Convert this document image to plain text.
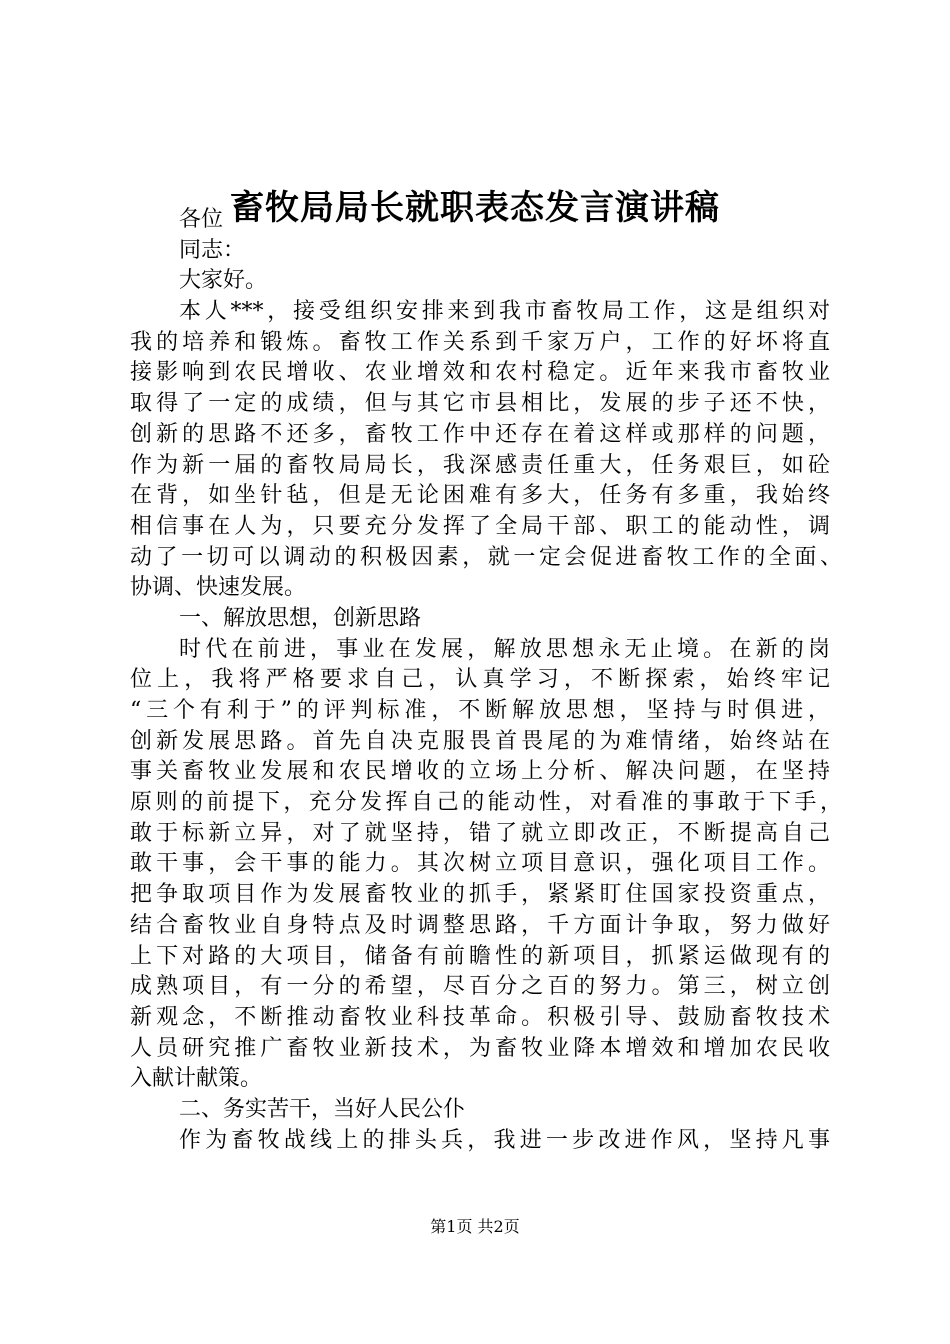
畜牧局局长就职表态发言演讲稿
各位
同志：
大家好。
本人***，接受组织安排来到我市畜牧局工作，这是组织对
我的培养和锻炼。畜牧工作关系到千家万户，工作的好坏将直
接影响到农民增收、农业增效和农村稳定。近年来我市畜牧业
取得了一定的成绩，但与其它市县相比，发展的步子还不快，
创新的思路不还多，畜牧工作中还存在着这样或那样的问题，
作为新一届的畜牧局局长，我深感责任重大，任务艰巨，如砼
在背，如坐针毡，但是无论困难有多大，任务有多重，我始终
相信事在人为，只要充分发挥了全局干部、职工的能动性，调
动了一切可以调动的积极因素，就一定会促进畜牧工作的全面、
协调、快速发展。
一、解放思想，创新思路
时代在前进，事业在发展，解放思想永无止境。在新的岗
位上，我将严格要求自己，认真学习，不断探索，始终牢记
“三个有利于”的评判标准，不断解放思想，坚持与时俱进，
创新发展思路。首先自决克服畏首畏尾的为难情绪，始终站在
事关畜牧业发展和农民增收的立场上分析、解决问题，在坚持
原则的前提下，充分发挥自己的能动性，对看准的事敢于下手，
敢于标新立异，对了就坚持，错了就立即改正，不断提高自己
敢干事，会干事的能力。其次树立项目意识，强化项目工作。
把争取项目作为发展畜牧业的抓手，紧紧盯住国家投资重点，
结合畜牧业自身特点及时调整思路，千方面计争取，努力做好
上下对路的大项目，储备有前瞻性的新项目，抓紧运做现有的
成熟项目，有一分的希望，尽百分之百的努力。第三，树立创
新观念，不断推动畜牧业科技革命。积极引导、鼓励畜牧技术
人员研究推广畜牧业新技术，为畜牧业降本增效和增加农民收
入献计献策。
二、务实苦干，当好人民公仆
作为畜牧战线上的排头兵，我进一步改进作风，坚持凡事
第1页 共2页
